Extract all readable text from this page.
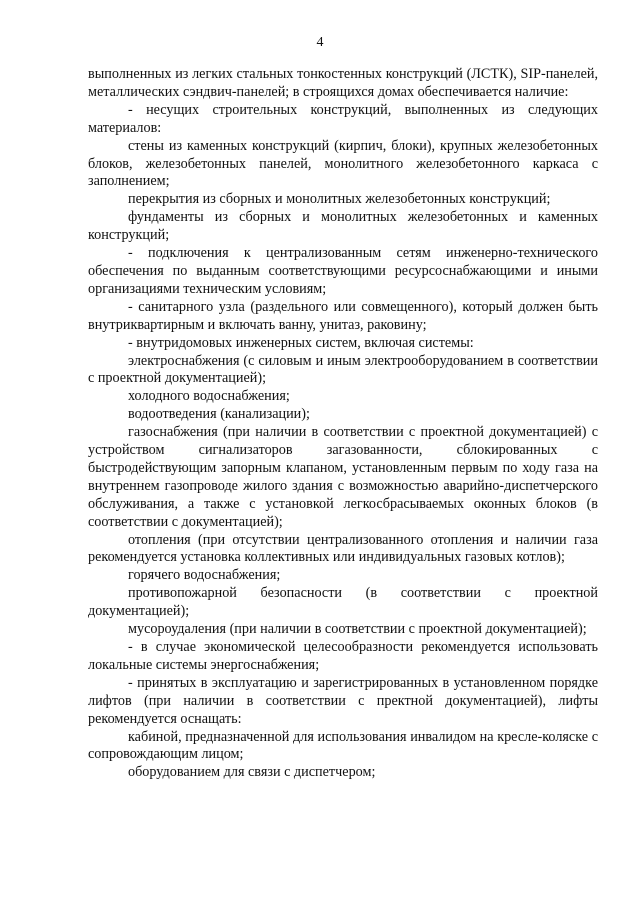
4

выполненных из легких стальных тонкостенных конструкций (ЛСТК), SIP-панелей, металлических сэндвич-панелей; в строящихся домах обеспечивается наличие:

- несущих строительных конструкций, выполненных из следующих материалов:

стены из каменных конструкций (кирпич, блоки), крупных железобетонных блоков, железобетонных панелей, монолитного железобетонного каркаса с заполнением;

перекрытия из сборных и монолитных железобетонных конструкций;

фундаменты из сборных и монолитных железобетонных и каменных конструкций;

- подключения к централизованным сетям инженерно-технического обеспечения по выданным соответствующими ресурсоснабжающими и иными организациями техническим условиям;

- санитарного узла (раздельного или совмещенного), который должен быть внутриквартирным и включать ванну, унитаз, раковину;

- внутридомовых инженерных систем, включая системы:

электроснабжения (с силовым и иным электрооборудованием в соответствии с проектной документацией);

холодного водоснабжения;

водоотведения (канализации);

газоснабжения (при наличии в соответствии с проектной документацией) с устройством сигнализаторов загазованности, сблокированных с быстродействующим запорным клапаном, установленным первым по ходу газа на внутреннем газопроводе жилого здания с возможностью аварийно-диспетчерского обслуживания, а также с установкой легкосбрасываемых оконных блоков (в соответствии с документацией);

отопления (при отсутствии централизованного отопления и наличии газа рекомендуется установка коллективных или индивидуальных газовых котлов);

горячего водоснабжения;

противопожарной безопасности (в соответствии с проектной документацией);

мусороудаления (при наличии в соответствии с проектной документацией);

- в случае экономической целесообразности рекомендуется использовать локальные системы энергоснабжения;

- принятых в эксплуатацию и зарегистрированных в установленном порядке лифтов (при наличии в соответствии с пректной документацией), лифты рекомендуется оснащать:

кабиной, предназначенной для использования инвалидом на кресле-коляске с сопровождающим лицом;

оборудованием для связи с диспетчером;
